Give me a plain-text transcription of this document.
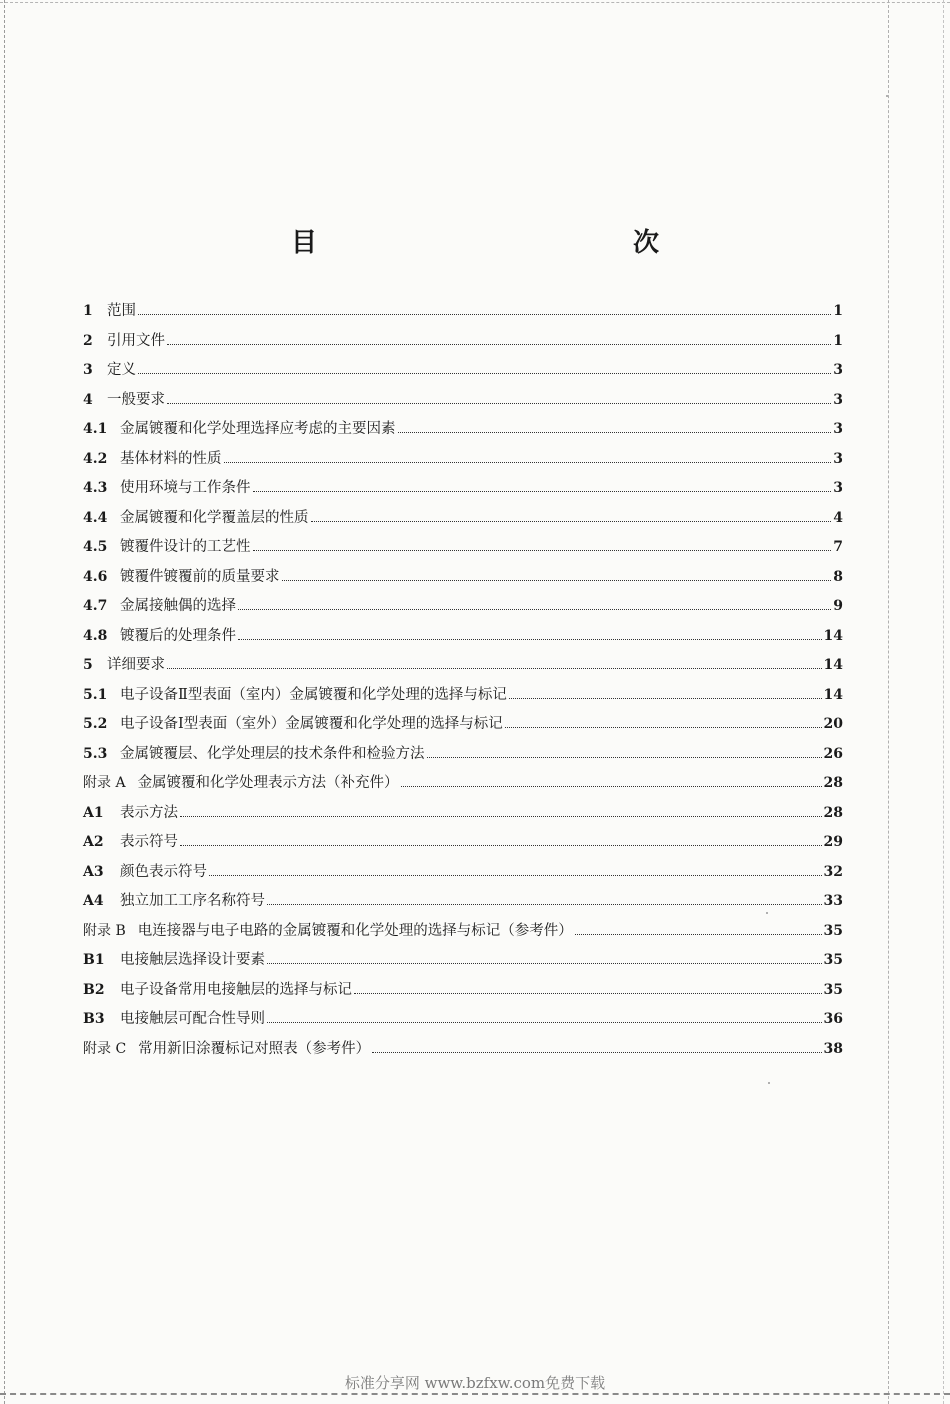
目　　次
1 范围	1
2 引用文件	1
3 定义	3
4 一般要求	3
4.1 金属镀覆和化学处理选择应考虑的主要因素	3
4.2 基体材料的性质	3
4.3 使用环境与工作条件	3
4.4 金属镀覆和化学覆盖层的性质	4
4.5 镀覆件设计的工艺性	7
4.6 镀覆件镀覆前的质量要求	8
4.7 金属接触偶的选择	9
4.8 镀覆后的处理条件	14
5 详细要求	14
5.1 电子设备Ⅱ型表面（室内）金属镀覆和化学处理的选择与标记	14
5.2 电子设备Ⅰ型表面（室外）金属镀覆和化学处理的选择与标记	20
5.3 金属镀覆层、化学处理层的技术条件和检验方法	26
附录 A 金属镀覆和化学处理表示方法（补充件）	28
A1	表示方法	28
A2	表示符号	29
A3	颜色表示符号	32
A4	独立加工工序名称符号	33
附录 B 电连接器与电子电路的金属镀覆和化学处理的选择与标记（参考件）	35
B1	电接触层选择设计要素	35
B2	电子设备常用电接触层的选择与标记	35
B3	电接触层可配合性导则	36
附录 C 常用新旧涂覆标记对照表（参考件）	38
标准分享网 www.bzfxw.com免费下载
